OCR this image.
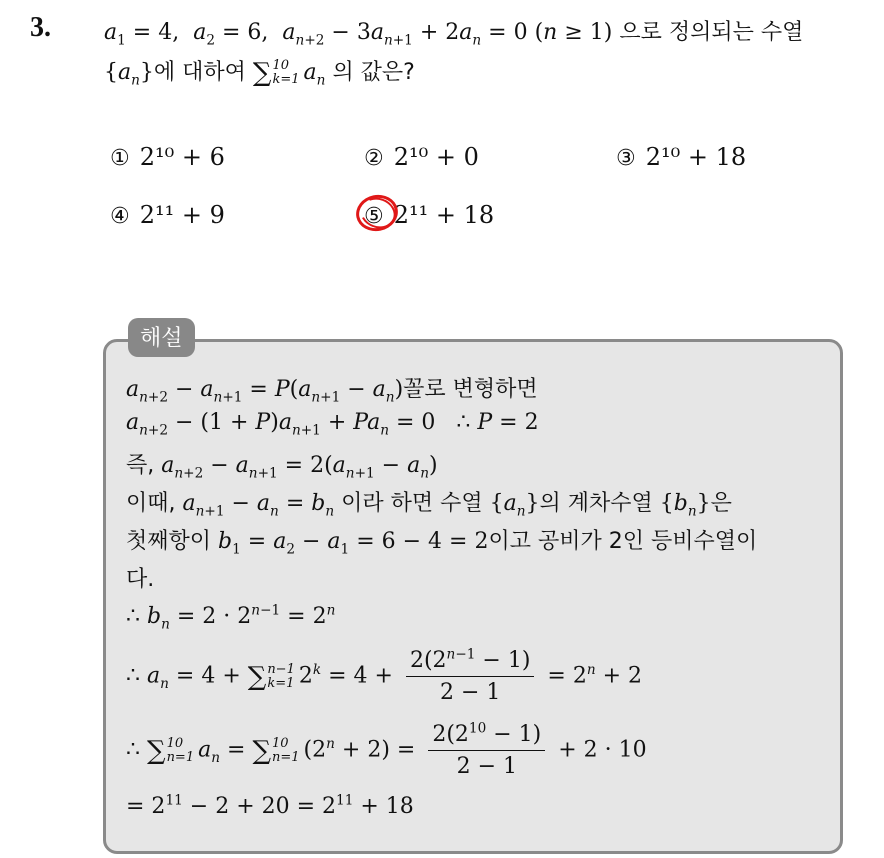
3. $a_1 = 4$,  $a_2 = 6$,  $a_{n+2} - 3a_{n+1} + 2a_n = 0$ (n ≥ 1) 으로 정의되는 수열
$\{a_n\}$에 대하여 ∑ 10
k=1 $a_n$ 의 값은?
① 2¹⁰ + 6	② 2¹⁰ + 0	③ 2¹⁰ + 18
④ 2¹¹ + 9	⑤ 2¹¹ + 18
해설
$a_{n+2} - a_{n+1} = P(a_{n+1} - a_n)$꼴로 변형하면
$a_{n+2} - (1 + P)a_{n+1} + Pa_n = 0$   ∴ P = 2
즉, $a_{n+2} - a_{n+1} = 2(a_{n+1} - a_n)$
이때, $a_{n+1} - a_n = b_n$ 이라 하면 수열 $\{a_n\}$의 계차수열 $\{b_n\}$은
첫째항이 $b_1 = a_2 - a_1 = 6 - 4 = 2$이고 공비가 2인 등비수열이
다.
∴ $b_n = 2 \cdot 2^{n-1} = 2^n$
∴ $a_n = 4$ + ∑ n−1
k=1 $2^k = 4 + \frac{2(2^{n-1} - 1)}{2 - 1} = 2^n + 2$
∴ ∑ 10
n=1 $a_n$ = ∑ 10
n=1 $(2^n + 2) = \frac{2(2^{10} - 1)}{2 - 1} + 2 \cdot 10$
= $2^{11} - 2 + 20 = 2^{11} + 18$
